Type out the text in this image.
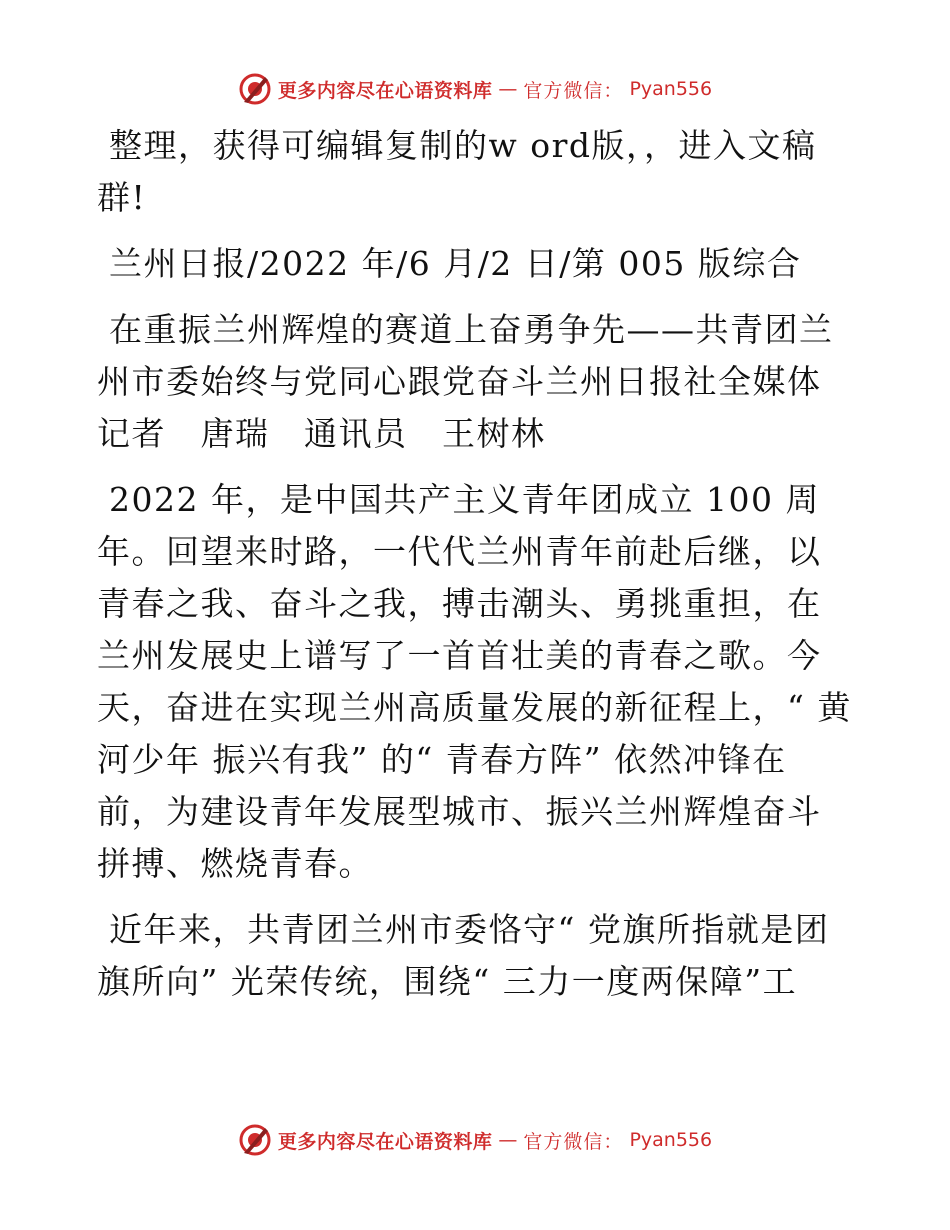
更多内容尽在心语资料库 — 官方微信： Pyan556

整理，获得可编辑复制的w ord版，，进入文稿群!

兰州日报/2022 年/6 月/2 日/第 005 版综合

在重振兰州辉煌的赛道上奋勇争先——共青团兰州市委始终与党同心跟党奋斗兰州日报社全媒体记者　唐瑞　通讯员　王树林

2022 年，是中国共产主义青年团成立 100 周年。回望来时路，一代代兰州青年前赴后继，以青春之我、奋斗之我，搏击潮头、勇挑重担，在兰州发展史上谱写了一首首壮美的青春之歌。今天，奋进在实现兰州高质量发展的新征程上，“ 黄河少年 振兴有我” 的“ 青春方阵” 依然冲锋在前，为建设青年发展型城市、振兴兰州辉煌奋斗拼搏、燃烧青春。

近年来，共青团兰州市委恪守“ 党旗所指就是团旗所向” 光荣传统，围绕“ 三力一度两保障”工

更多内容尽在心语资料库 — 官方微信： Pyan556
